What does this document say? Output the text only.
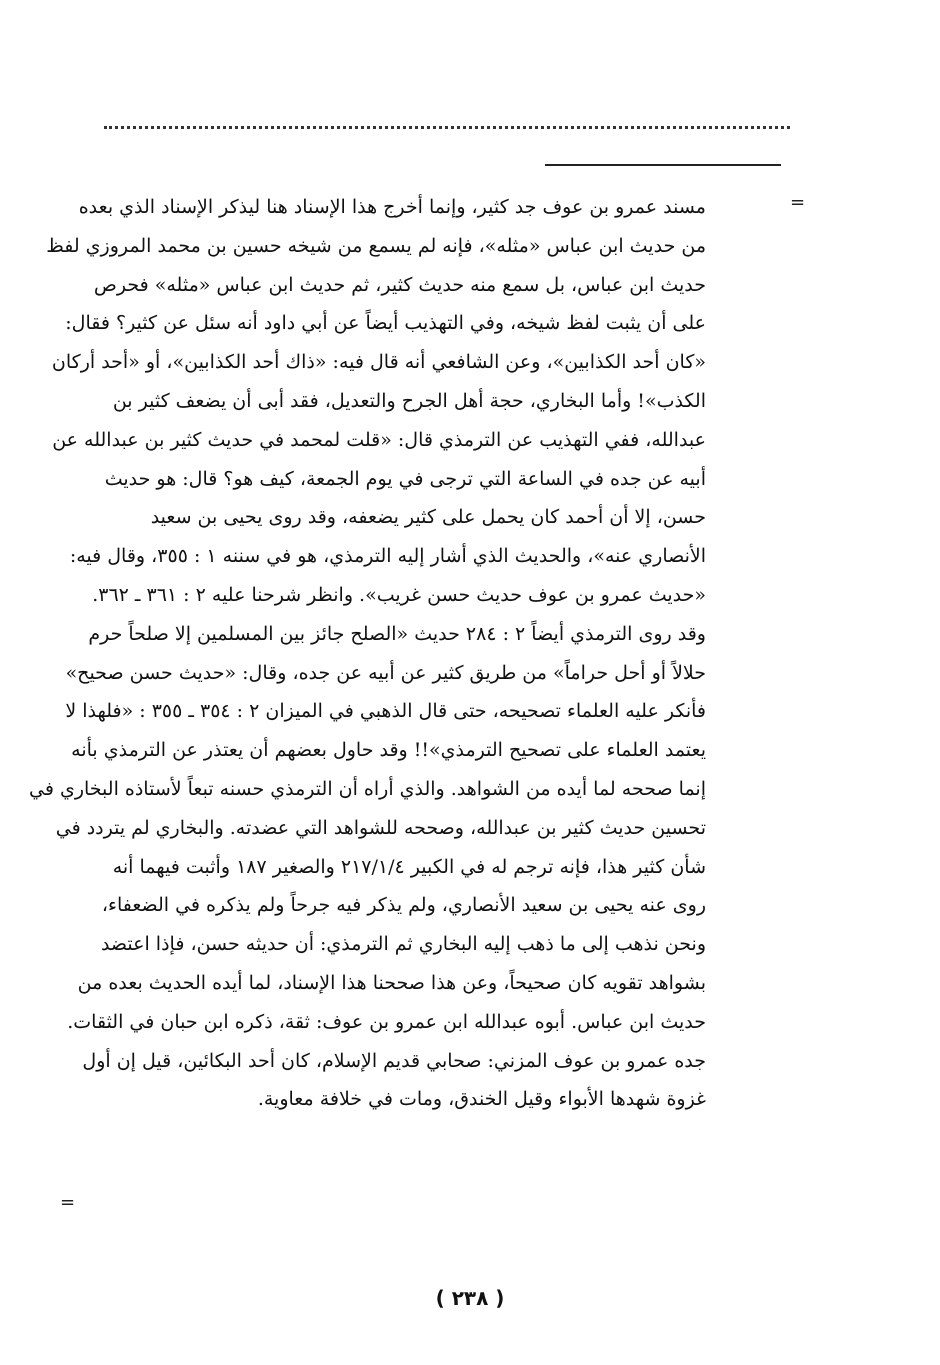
=
مسند عمرو بن عوف جد كثير، وإنما أخرج هذا الإسناد هنا ليذكر الإسناد الذي بعده
من حديث ابن عباس «مثله»، فإنه لم يسمع من شيخه حسين بن محمد المروزي لفظ
حديث ابن عباس، بل سمع منه حديث كثير، ثم حديث ابن عباس «مثله» فحرص
على أن يثبت لفظ شيخه، وفي التهذيب أيضاً عن أبي داود أنه سئل عن كثير؟ فقال:
«كان أحد الكذابين»، وعن الشافعي أنه قال فيه: «ذاك أحد الكذابين»، أو «أحد أركان
الكذب»! وأما البخاري، حجة أهل الجرح والتعديل، فقد أبى أن يضعف كثير بن
عبدالله، ففي التهذيب عن الترمذي قال: «قلت لمحمد في حديث كثير بن عبدالله عن
أبيه عن جده في الساعة التي ترجى في يوم الجمعة، كيف هو؟ قال: هو حديث
حسن، إلا أن أحمد كان يحمل على كثير يضعفه، وقد روى يحيى بن سعيد
الأنصاري عنه»، والحديث الذي أشار إليه الترمذي، هو في سننه ١ : ٣٥٥، وقال فيه:
«حديث عمرو بن عوف حديث حسن غريب». وانظر شرحنا عليه ٢ : ٣٦١ ـ ٣٦٢.
وقد روى الترمذي أيضاً ٢ : ٢٨٤ حديث «الصلح جائز بين المسلمين إلا صلحاً حرم
حلالاً أو أحل حراماً» من طريق كثير عن أبيه عن جده، وقال: «حديث حسن صحيح»
فأنكر عليه العلماء تصحيحه، حتى قال الذهبي في الميزان ٢ : ٣٥٤ ـ ٣٥٥ : «فلهذا لا
يعتمد العلماء على تصحيح الترمذي»!! وقد حاول بعضهم أن يعتذر عن الترمذي بأنه
إنما صححه لما أيده من الشواهد. والذي أراه أن الترمذي حسنه تبعاً لأستاذه البخاري في
تحسين حديث كثير بن عبدالله، وصححه للشواهد التي عضدته. والبخاري لم يتردد في
شأن كثير هذا، فإنه ترجم له في الكبير ٢١٧/١/٤ والصغير ١٨٧ وأثبت فيهما أنه
روى عنه يحيى بن سعيد الأنصاري، ولم يذكر فيه جرحاً ولم يذكره في الضعفاء،
ونحن نذهب إلى ما ذهب إليه البخاري ثم الترمذي: أن حديثه حسن، فإذا اعتضد
بشواهد تقويه كان صحيحاً، وعن هذا صححنا هذا الإسناد، لما أيده الحديث بعده من
حديث ابن عباس. أبوه عبدالله ابن عمرو بن عوف: ثقة، ذكره ابن حبان في الثقات.
جده عمرو بن عوف المزني: صحابي قديم الإسلام، كان أحد البكائين، قيل إن أول
غزوة شهدها الأبواء وقيل الخندق، ومات في خلافة معاوية.
=
( ٢٣٨ )
